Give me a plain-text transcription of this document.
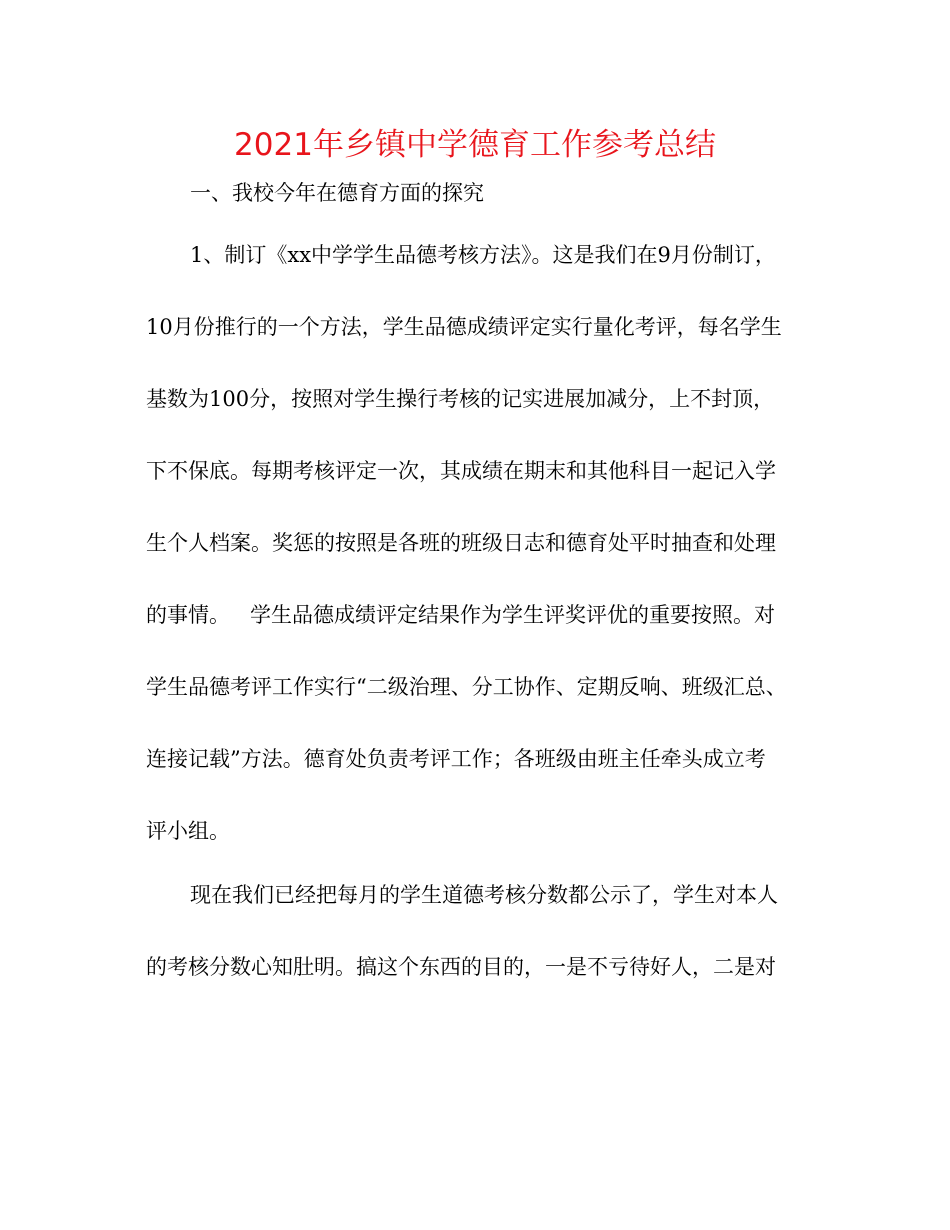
2021年乡镇中学德育工作参考总结

一、我校今年在德育方面的探究

1、制订《xx中学学生品德考核方法》。这是我们在9月份制订，

10月份推行的一个方法，学生品德成绩评定实行量化考评，每名学生

基数为100分，按照对学生操行考核的记实进展加减分，上不封顶，

下不保底。每期考核评定一次，其成绩在期末和其他科目一起记入学

生个人档案。奖惩的按照是各班的班级日志和德育处平时抽查和处理

的事情。   学生品德成绩评定结果作为学生评奖评优的重要按照。对

学生品德考评工作实行“二级治理、分工协作、定期反响、班级汇总、

连接记载”方法。德育处负责考评工作；各班级由班主任牵头成立考

评小组。

现在我们已经把每月的学生道德考核分数都公示了，学生对本人

的考核分数心知肚明。搞这个东西的目的，一是不亏待好人，二是对
